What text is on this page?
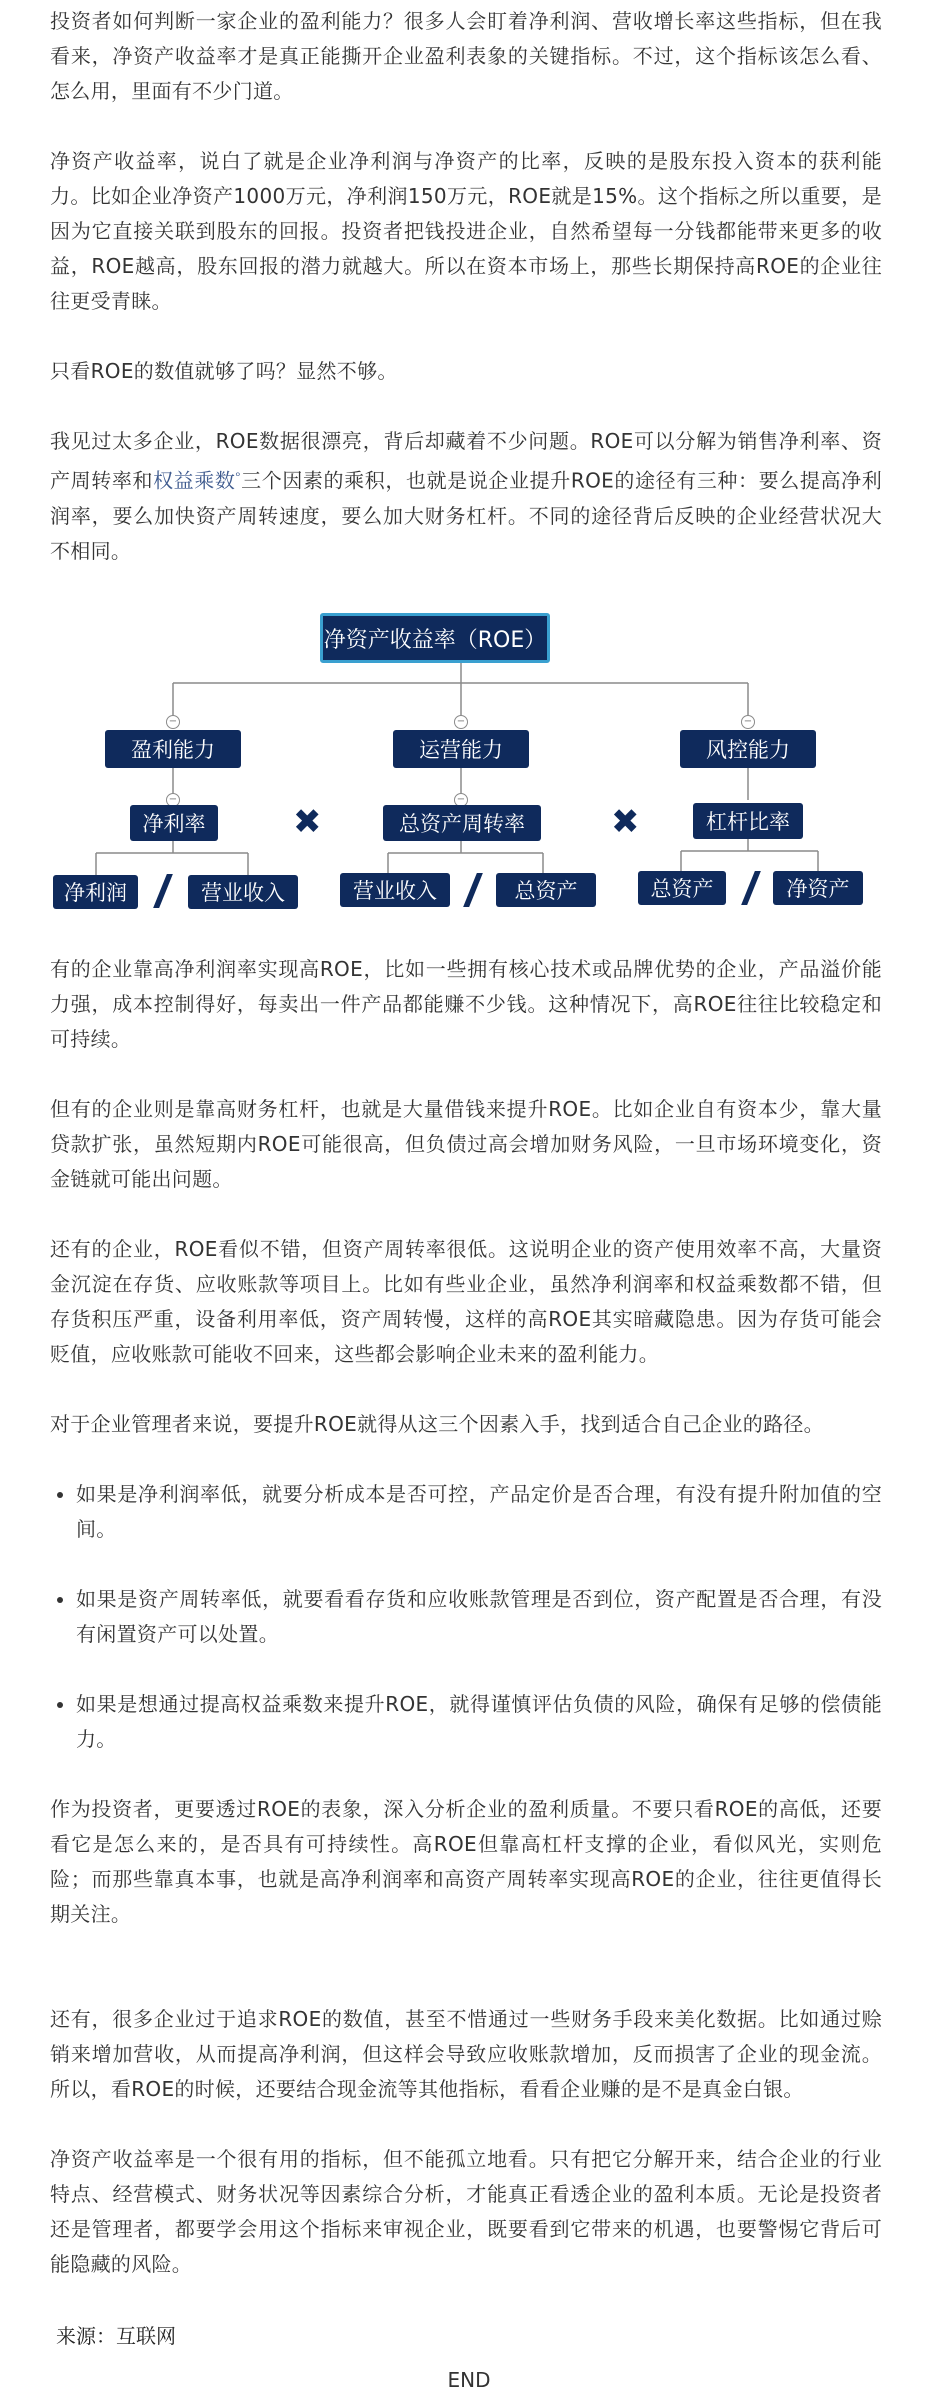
投资者如何判断一家企业的盈利能力？很多人会盯着净利润、营收增长率这些指标，但在我看来，净资产收益率才是真正能撕开企业盈利表象的关键指标。不过，这个指标该怎么看、怎么用，里面有不少门道。

净资产收益率，说白了就是企业净利润与净资产的比率，反映的是股东投入资本的获利能力。比如企业净资产1000万元，净利润150万元，ROE就是15%。这个指标之所以重要，是因为它直接关联到股东的回报。投资者把钱投进企业，自然希望每一分钱都能带来更多的收益，ROE越高，股东回报的潜力就越大。所以在资本市场上，那些长期保持高ROE的企业往往更受青睐。

只看ROE的数值就够了吗？显然不够。

我见过太多企业，ROE数据很漂亮，背后却藏着不少问题。ROE可以分解为销售净利率、资产周转率和权益乘数$^ᵒ$三个因素的乘积，也就是说企业提升ROE的途径有三种：要么提高净利润率，要么加快资产周转速度，要么加大财务杠杆。不同的途径背后反映的企业经营状况大不相同。

有的企业靠高净利润率实现高ROE，比如一些拥有核心技术或品牌优势的企业，产品溢价能力强，成本控制得好，每卖出一件产品都能赚不少钱。这种情况下，高ROE往往比较稳定和可持续。

但有的企业则是靠高财务杠杆，也就是大量借钱来提升ROE。比如企业自有资本少，靠大量贷款扩张，虽然短期内ROE可能很高，但负债过高会增加财务风险，一旦市场环境变化，资金链就可能出问题。

还有的企业，ROE看似不错，但资产周转率很低。这说明企业的资产使用效率不高，大量资金沉淀在存货、应收账款等项目上。比如有些业企业，虽然净利润率和权益乘数都不错，但存货积压严重，设备利用率低，资产周转慢，这样的高ROE其实暗藏隐患。因为存货可能会贬值，应收账款可能收不回来，这些都会影响企业未来的盈利能力。

对于企业管理者来说，要提升ROE就得从这三个因素入手，找到适合自己企业的路径。

• 如果是净利润率低，就要分析成本是否可控，产品定价是否合理，有没有提升附加值的空间。
• 如果是资产周转率低，就要看看存货和应收账款管理是否到位，资产配置是否合理，有没有闲置资产可以处置。
• 如果是想通过提高权益乘数来提升ROE，就得谨慎评估负债的风险，确保有足够的偿债能力。

作为投资者，更要透过ROE的表象，深入分析企业的盈利质量。不要只看ROE的高低，还要看它是怎么来的，是否具有可持续性。高ROE但靠高杠杆支撑的企业，看似风光，实则危险；而那些靠真本事，也就是高净利润率和高资产周转率实现高ROE的企业，往往更值得长期关注。

还有，很多企业过于追求ROE的数值，甚至不惜通过一些财务手段来美化数据。比如通过赊销来增加营收，从而提高净利润，但这样会导致应收账款增加，反而损害了企业的现金流。所以，看ROE的时候，还要结合现金流等其他指标，看看企业赚的是不是真金白银。

净资产收益率是一个很有用的指标，但不能孤立地看。只有把它分解开来，结合企业的行业特点、经营模式、财务状况等因素综合分析，才能真正看透企业的盈利本质。无论是投资者还是管理者，都要学会用这个指标来审视企业，既要看到它带来的机遇，也要警惕它背后可能隐藏的风险。

来源：互联网
END
净资产收益率（ROE）
−	−	−
盈利能力	运营能力	风控能力
−	−
净利率	总资产周转率	杠杆比率
✖	✖
净利润	营业收入	营业收入	总资产	总资产	净资产
